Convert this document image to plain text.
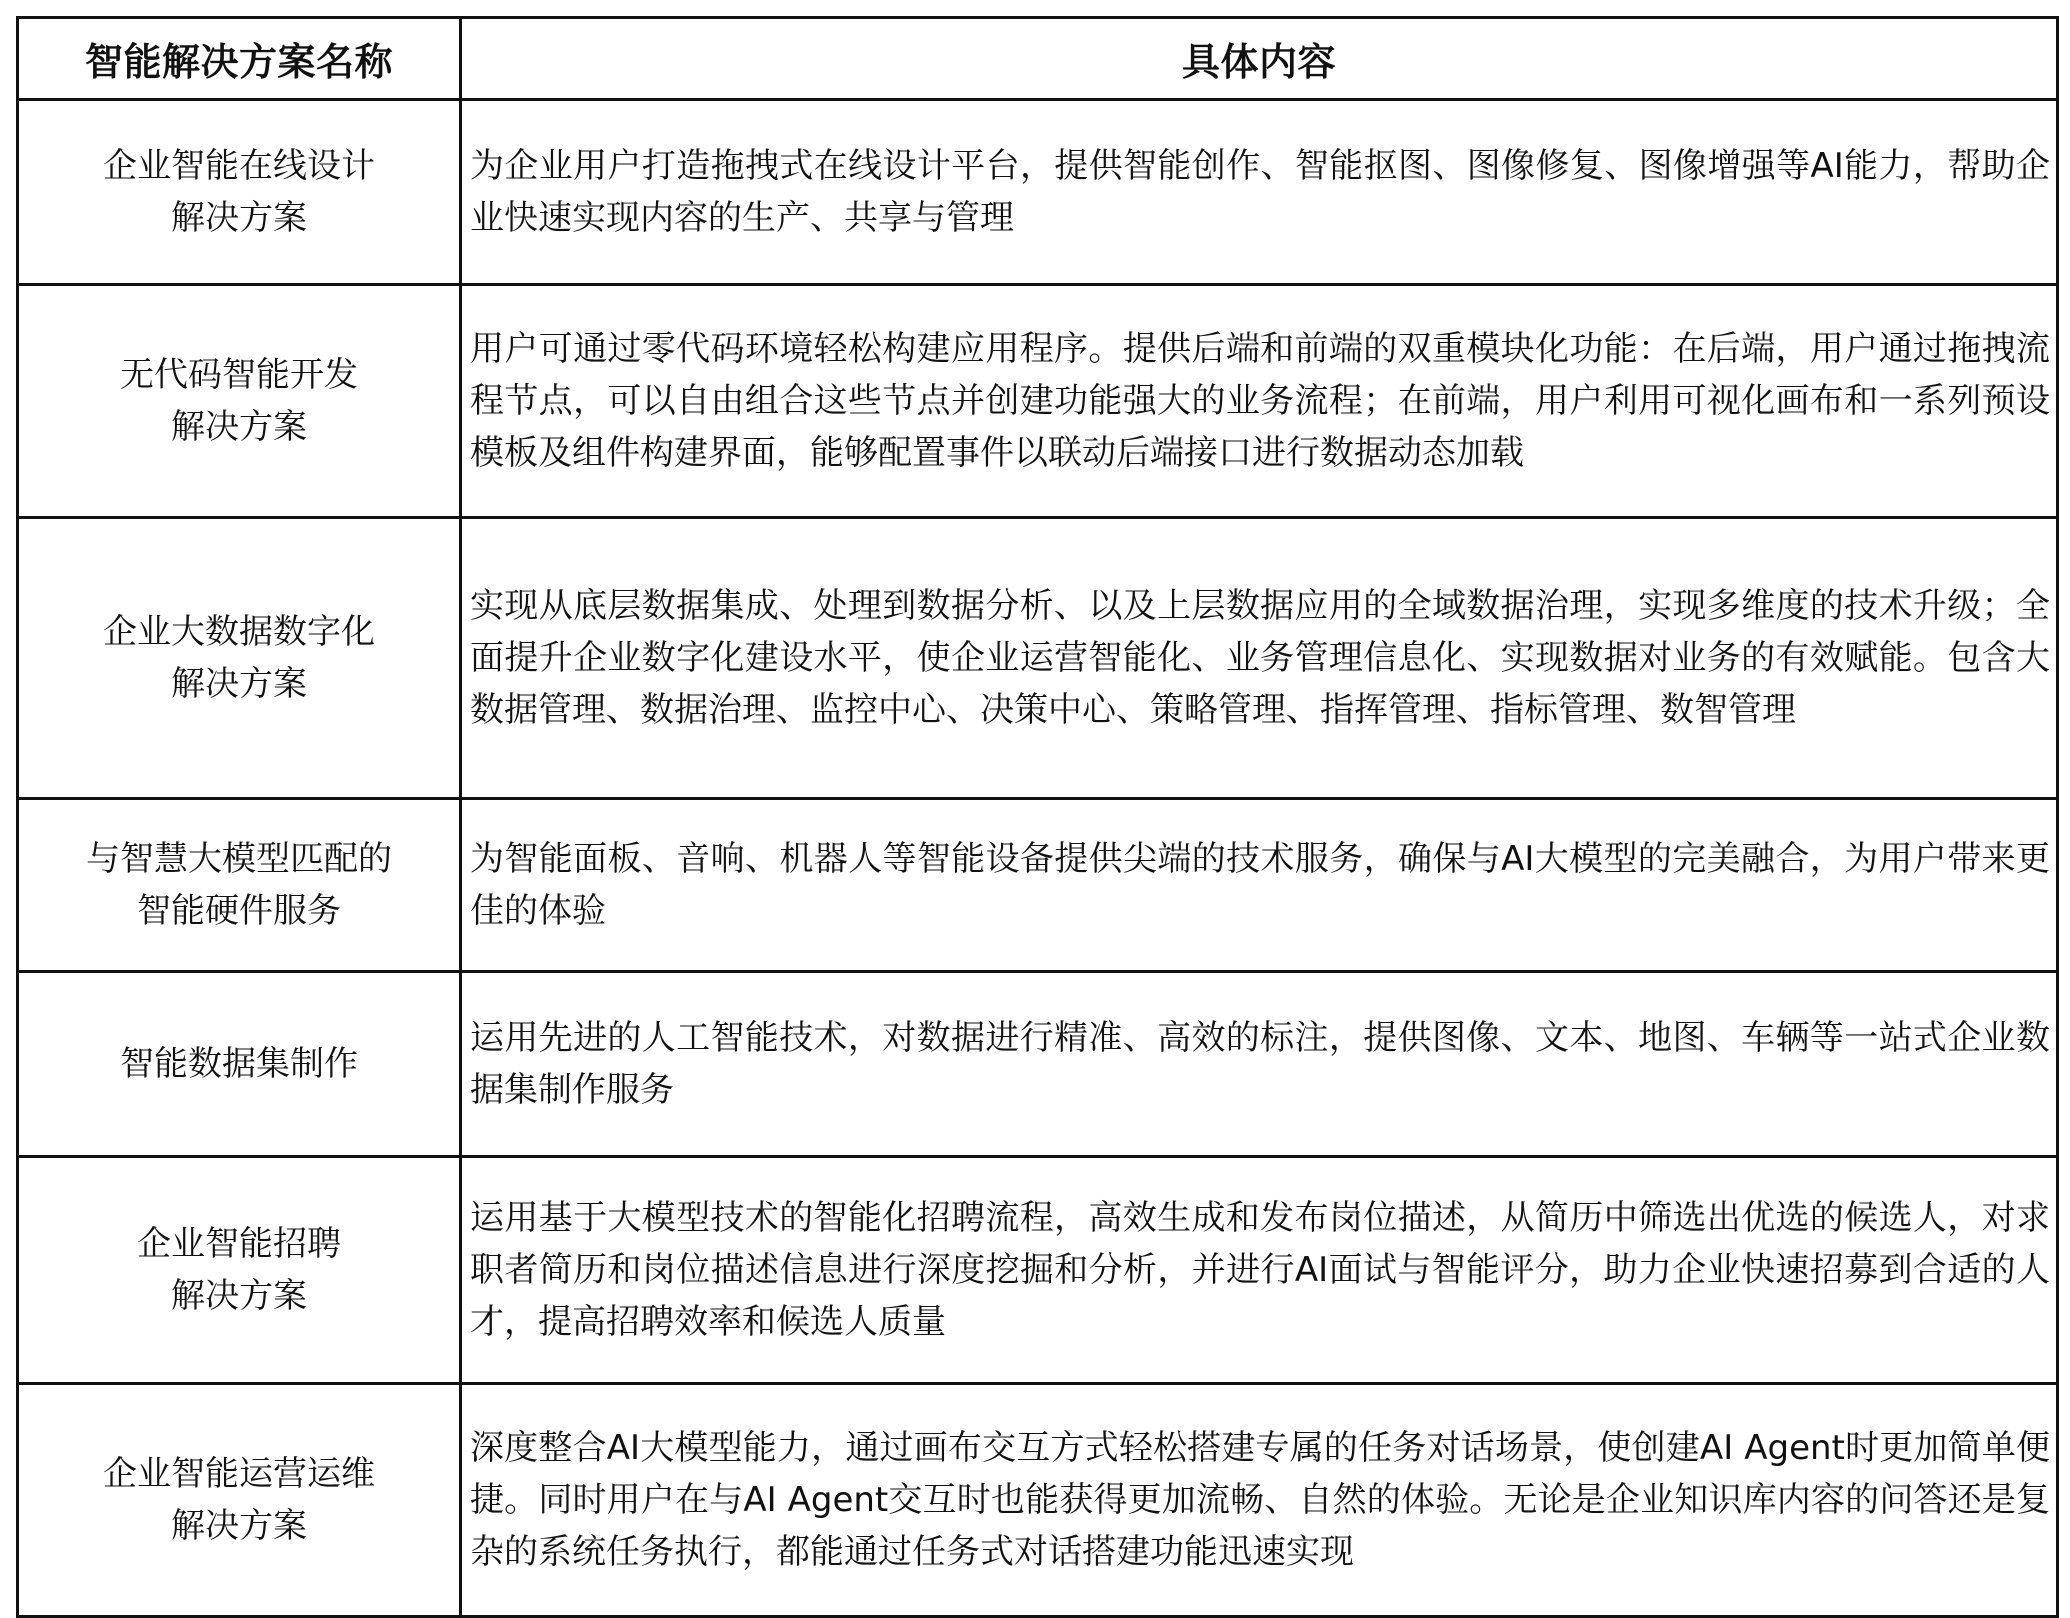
智能解决方案名称	具体内容

企业智能在线设计
解决方案	为企业用户打造拖拽式在线设计平台，提供智能创作、智能抠图、图像修复、图像增强等AI能力，帮助企业快速实现内容的生产、共享与管理

无代码智能开发
解决方案	用户可通过零代码环境轻松构建应用程序。提供后端和前端的双重模块化功能：在后端，用户通过拖拽流程节点，可以自由组合这些节点并创建功能强大的业务流程；在前端，用户利用可视化画布和一系列预设模板及组件构建界面，能够配置事件以联动后端接口进行数据动态加载

企业大数据数字化
解决方案	实现从底层数据集成、处理到数据分析、以及上层数据应用的全域数据治理，实现多维度的技术升级；全面提升企业数字化建设水平，使企业运营智能化、业务管理信息化、实现数据对业务的有效赋能。包含大数据管理、数据治理、监控中心、决策中心、策略管理、指挥管理、指标管理、数智管理

与智慧大模型匹配的
智能硬件服务	为智能面板、音响、机器人等智能设备提供尖端的技术服务，确保与AI大模型的完美融合，为用户带来更佳的体验

智能数据集制作	运用先进的人工智能技术，对数据进行精准、高效的标注，提供图像、文本、地图、车辆等一站式企业数据集制作服务

企业智能招聘
解决方案	运用基于大模型技术的智能化招聘流程，高效生成和发布岗位描述，从简历中筛选出优选的候选人，对求职者简历和岗位描述信息进行深度挖掘和分析，并进行AI面试与智能评分，助力企业快速招募到合适的人才，提高招聘效率和候选人质量

企业智能运营运维
解决方案	深度整合AI大模型能力，通过画布交互方式轻松搭建专属的任务对话场景，使创建AI Agent时更加简单便捷。同时用户在与AI Agent交互时也能获得更加流畅、自然的体验。无论是企业知识库内容的问答还是复杂的系统任务执行，都能通过任务式对话搭建功能迅速实现
